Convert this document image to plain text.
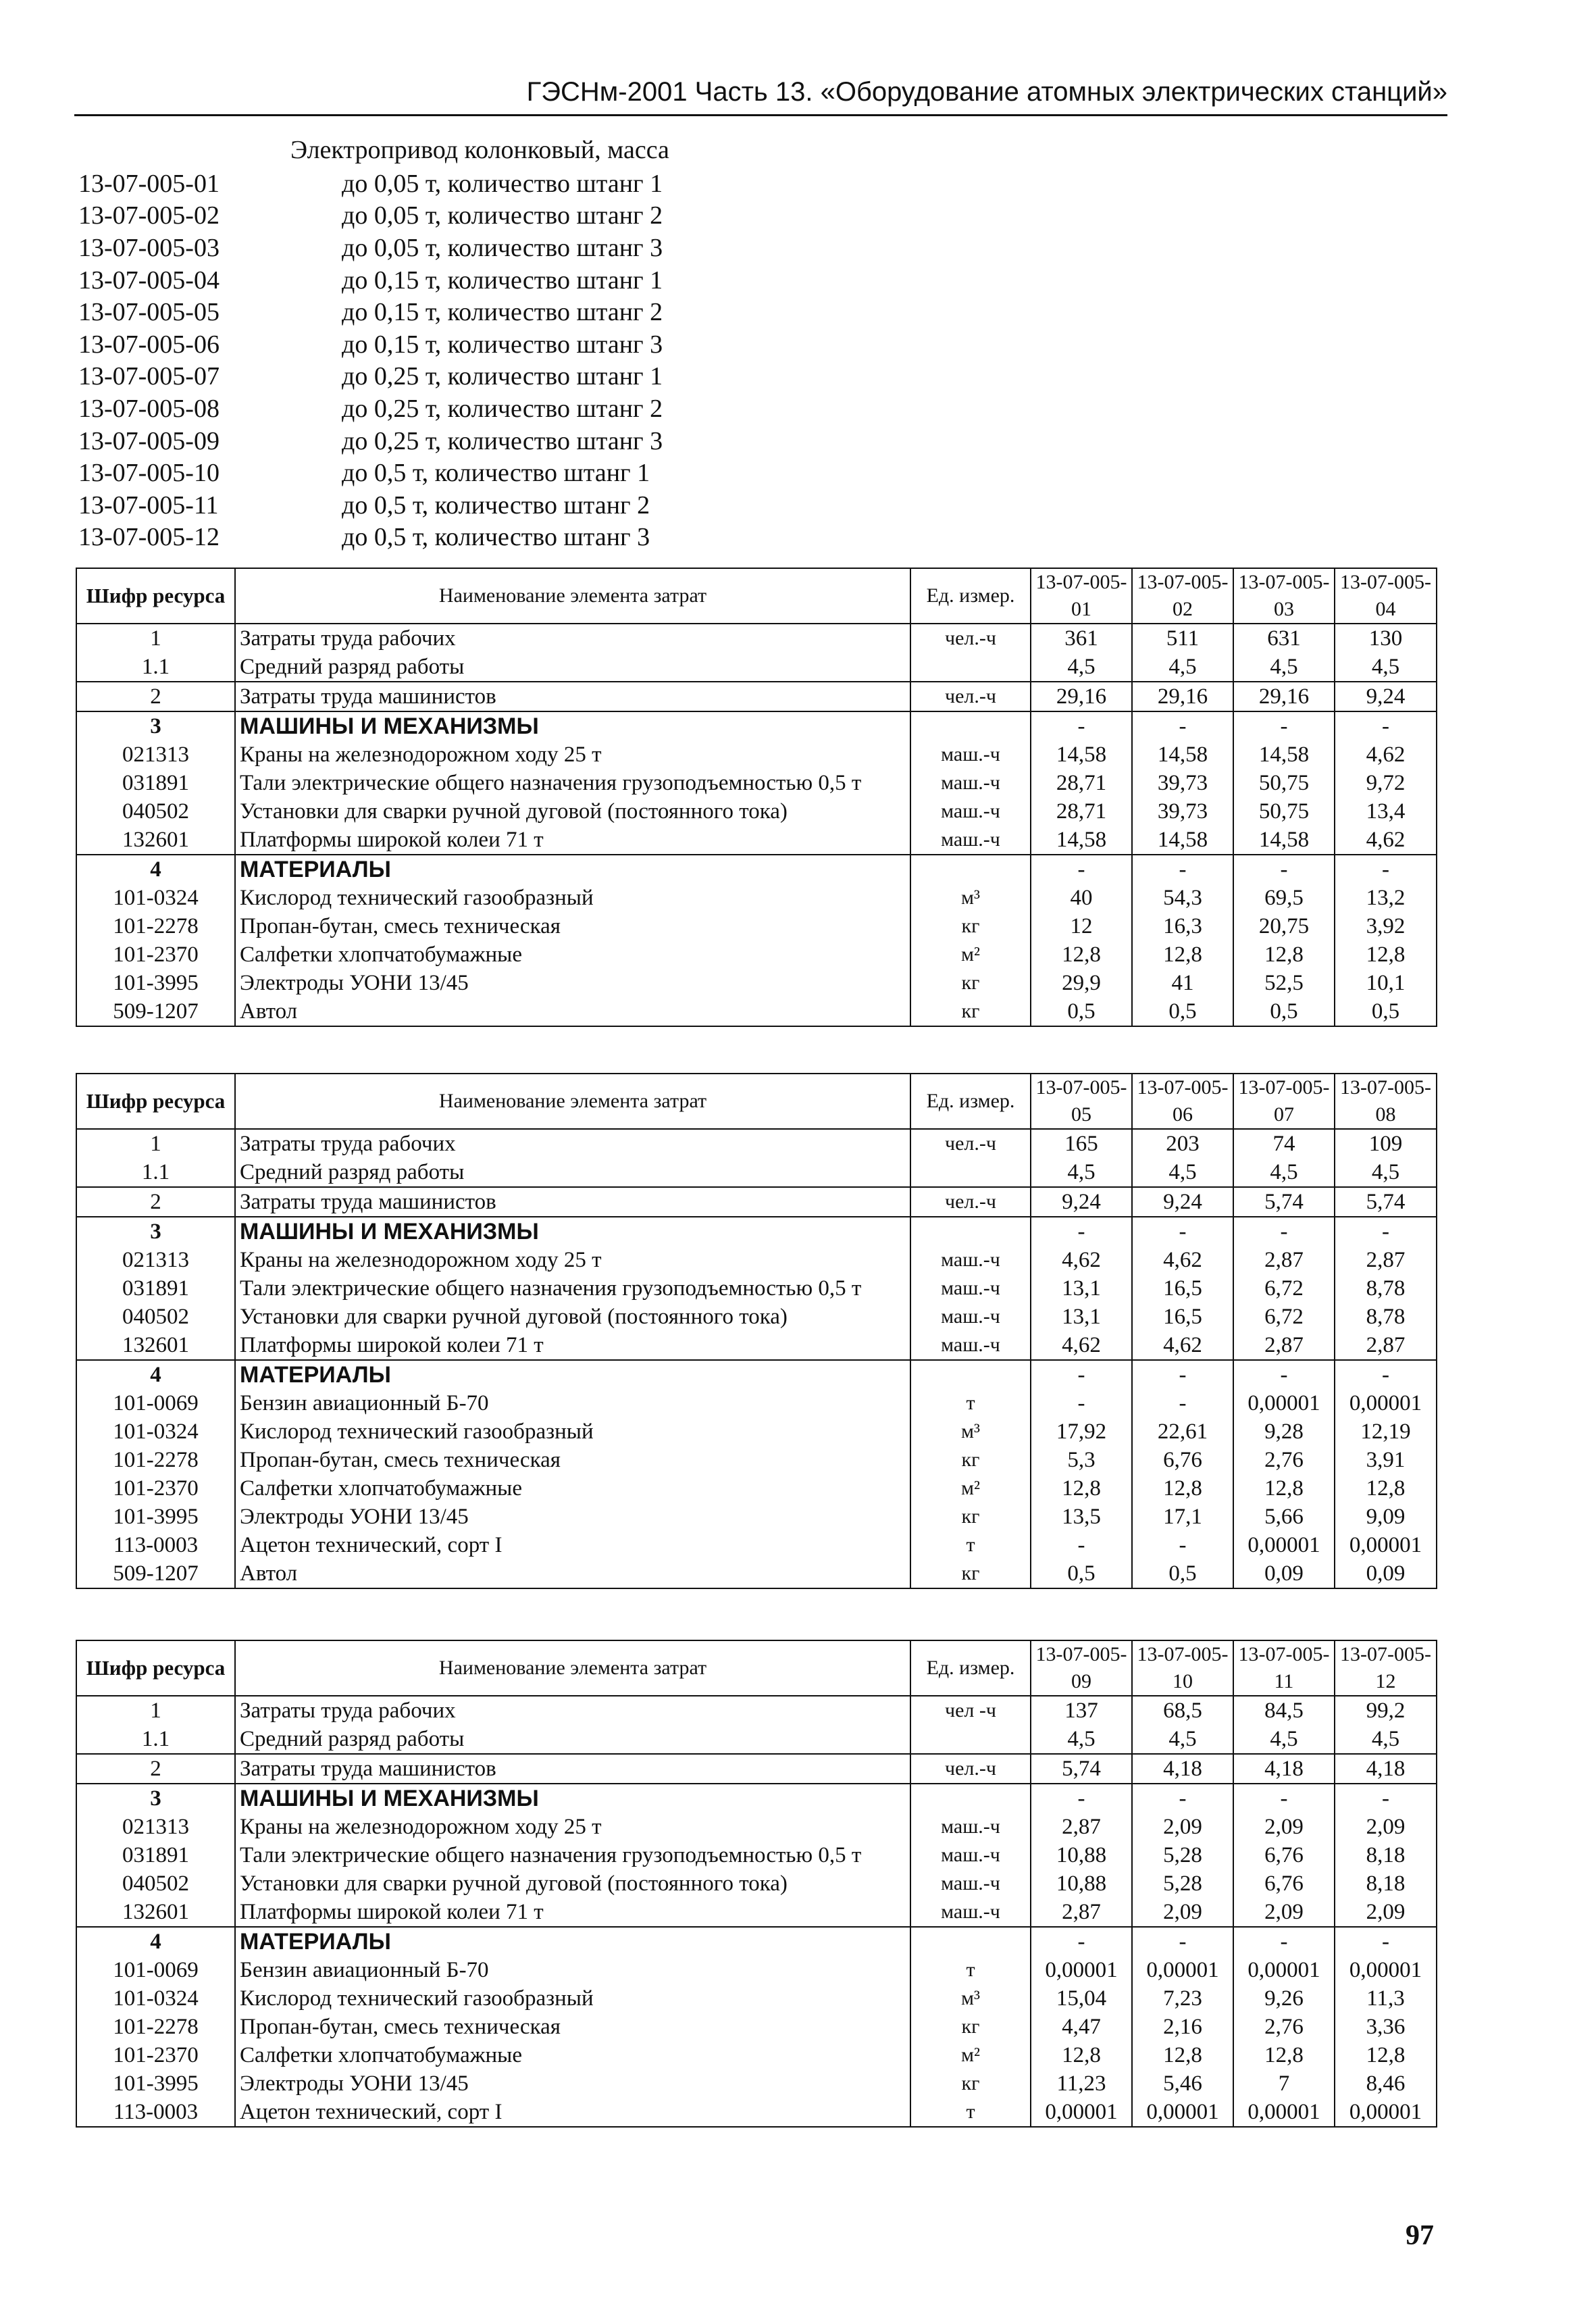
ГЭСНм-2001 Часть 13. «Оборудование атомных электрических станций»
Электропривод колонковый, масса
13-07-005-01	до 0,05 т, количество штанг 1
13-07-005-02	до 0,05 т, количество штанг 2
13-07-005-03	до 0,05 т, количество штанг 3
13-07-005-04	до 0,15 т, количество штанг 1
13-07-005-05	до 0,15 т, количество штанг 2
13-07-005-06	до 0,15 т, количество штанг 3
13-07-005-07	до 0,25 т, количество штанг 1
13-07-005-08	до 0,25 т, количество штанг 2
13-07-005-09	до 0,25 т, количество штанг 3
13-07-005-10	до 0,5 т, количество штанг 1
13-07-005-11	до 0,5 т, количество штанг 2
13-07-005-12	до 0,5 т, количество штанг 3
Шифр ресурса	Наименование элемента затрат	Ед. измер.	13-07-005-01	13-07-005-02	13-07-005-03	13-07-005-04
1	Затраты труда рабочих	чел.-ч	361	511	631	130
1.1	Средний разряд работы		4,5	4,5	4,5	4,5
2	Затраты труда машинистов	чел.-ч	29,16	29,16	29,16	9,24
3	МАШИНЫ И МЕХАНИЗМЫ		-	-	-	-
021313	Краны на железнодорожном ходу 25 т	маш.-ч	14,58	14,58	14,58	4,62
031891	Тали электрические общего назначения грузоподъемностью 0,5 т	маш.-ч	28,71	39,73	50,75	9,72
040502	Установки для сварки ручной дуговой (постоянного тока)	маш.-ч	28,71	39,73	50,75	13,4
132601	Платформы широкой колеи 71 т	маш.-ч	14,58	14,58	14,58	4,62
4	МАТЕРИАЛЫ		-	-	-	-
101-0324	Кислород технический газообразный	м³	40	54,3	69,5	13,2
101-2278	Пропан-бутан, смесь техническая	кг	12	16,3	20,75	3,92
101-2370	Салфетки хлопчатобумажные	м²	12,8	12,8	12,8	12,8
101-3995	Электроды УОНИ 13/45	кг	29,9	41	52,5	10,1
509-1207	Автол	кг	0,5	0,5	0,5	0,5
Шифр ресурса	Наименование элемента затрат	Ед. измер.	13-07-005-05	13-07-005-06	13-07-005-07	13-07-005-08
1	Затраты труда рабочих	чел.-ч	165	203	74	109
1.1	Средний разряд работы		4,5	4,5	4,5	4,5
2	Затраты труда машинистов	чел.-ч	9,24	9,24	5,74	5,74
3	МАШИНЫ И МЕХАНИЗМЫ		-	-	-	-
021313	Краны на железнодорожном ходу 25 т	маш.-ч	4,62	4,62	2,87	2,87
031891	Тали электрические общего назначения грузоподъемностью 0,5 т	маш.-ч	13,1	16,5	6,72	8,78
040502	Установки для сварки ручной дуговой (постоянного тока)	маш.-ч	13,1	16,5	6,72	8,78
132601	Платформы широкой колеи 71 т	маш.-ч	4,62	4,62	2,87	2,87
4	МАТЕРИАЛЫ		-	-	-	-
101-0069	Бензин авиационный Б-70	т	-	-	0,00001	0,00001
101-0324	Кислород технический газообразный	м³	17,92	22,61	9,28	12,19
101-2278	Пропан-бутан, смесь техническая	кг	5,3	6,76	2,76	3,91
101-2370	Салфетки хлопчатобумажные	м²	12,8	12,8	12,8	12,8
101-3995	Электроды УОНИ 13/45	кг	13,5	17,1	5,66	9,09
113-0003	Ацетон технический, сорт I	т	-	-	0,00001	0,00001
509-1207	Автол	кг	0,5	0,5	0,09	0,09
Шифр ресурса	Наименование элемента затрат	Ед. измер.	13-07-005-09	13-07-005-10	13-07-005-11	13-07-005-12
1	Затраты труда рабочих	чел -ч	137	68,5	84,5	99,2
1.1	Средний разряд работы		4,5	4,5	4,5	4,5
2	Затраты труда машинистов	чел.-ч	5,74	4,18	4,18	4,18
3	МАШИНЫ И МЕХАНИЗМЫ		-	-	-	-
021313	Краны на железнодорожном ходу 25 т	маш.-ч	2,87	2,09	2,09	2,09
031891	Тали электрические общего назначения грузоподъемностью 0,5 т	маш.-ч	10,88	5,28	6,76	8,18
040502	Установки для сварки ручной дуговой (постоянного тока)	маш.-ч	10,88	5,28	6,76	8,18
132601	Платформы широкой колеи 71 т	маш.-ч	2,87	2,09	2,09	2,09
4	МАТЕРИАЛЫ		-	-	-	-
101-0069	Бензин авиационный Б-70	т	0,00001	0,00001	0,00001	0,00001
101-0324	Кислород технический газообразный	м³	15,04	7,23	9,26	11,3
101-2278	Пропан-бутан, смесь техническая	кг	4,47	2,16	2,76	3,36
101-2370	Салфетки хлопчатобумажные	м²	12,8	12,8	12,8	12,8
101-3995	Электроды УОНИ 13/45	кг	11,23	5,46	7	8,46
113-0003	Ацетон технический, сорт I	т	0,00001	0,00001	0,00001	0,00001
97
